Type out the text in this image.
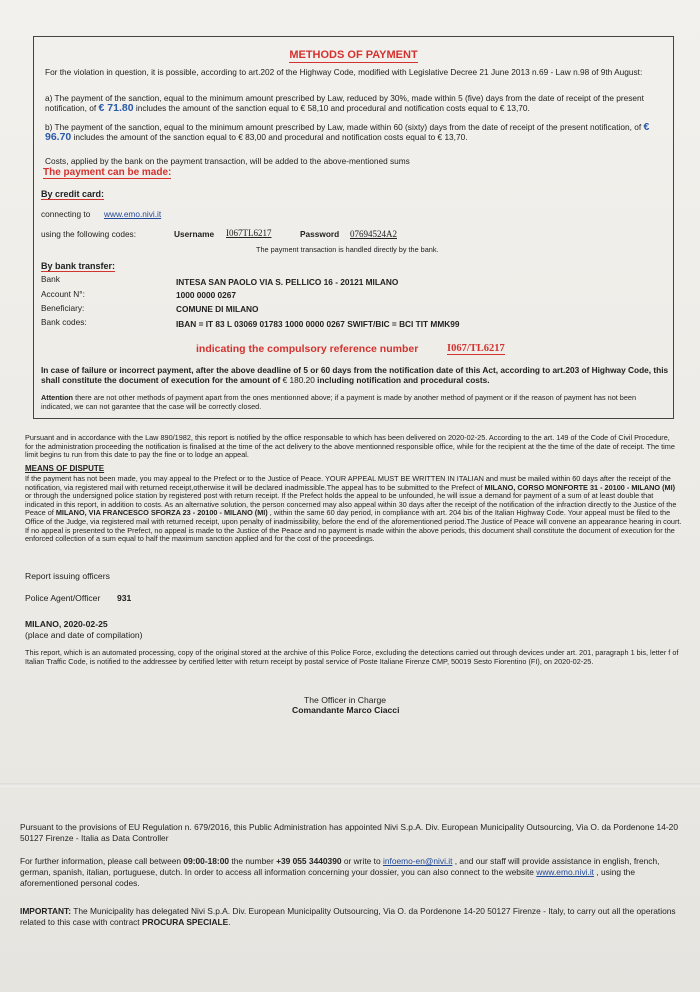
METHODS OF PAYMENT
For the violation in question, it is possible, according to art.202 of the Highway Code, modified with Legislative Decree 21 June 2013 n.69 - Law n.98 of 9th August:
a) The payment of the sanction, equal to the minimum amount prescribed by Law, reduced by 30%, made within 5 (five) days from the date of receipt of the present notification, of € 71.80 includes the amount of the sanction equal to € 58,10 and procedural and notification costs equal to € 13,70.
b) The payment of the sanction, equal to the minimum amount prescribed by Law, made within 60 (sixty) days from the date of receipt of the present notification, of € 96.70 includes the amount of the sanction equal to € 83,00 and procedural and notification costs equal to € 13,70.
Costs, applied by the bank on the payment transaction, will be added to the above-mentioned sums
The payment can be made:
By credit card:
connecting to www.emo.nivi.it
using the following codes:	Username I067TL6217	Password 07694524A2
The payment transaction is handled directly by the bank.
By bank transfer:
Bank	INTESA SAN PAOLO VIA S. PELLICO 16 - 20121 MILANO
Account N°:	1000 0000 0267
Beneficiary:	COMUNE DI MILANO
Bank codes:	IBAN = IT 83 L 03069 01783 1000 0000 0267 SWIFT/BIC = BCI TIT MMK99
indicating the compulsory reference number	I067/TL6217
In case of failure or incorrect payment, after the above deadline of 5 or 60 days from the notification date of this Act, according to art.203 of Highway Code, this shall constitute the document of execution for the amount of € 180.20 including notification and procedural costs.
Attention there are not other methods of payment apart from the ones mentionned above; if a payment is made by another method of payment or if the reason of payment has not been indicated, we can not garantee that the case will be correctly closed.
Pursuant and in accordance with the Law 890/1982, this report is notified by the office responsable to which has been delivered on 2020-02-25. According to the art. 149 of the Code of Civil Procedure, for the administration proceeding the notification is finalised at the time of the act delivery to the above mentionned responsible office, while for the recipient at the the time of the date of receipt. The time limit begins tu run from this date to pay the fine or to lodge an appeal.
MEANS OF DISPUTE
If the payment has not been made, you may appeal to the Prefect or to the Justice of Peace. YOUR APPEAL MUST BE WRITTEN IN ITALIAN and must be mailed within 60 days after the receipt of the notification, via registered mail with returned receipt,otherwise it will be declared inadmissible.The appeal has to be submitted to the Prefect of MILANO, CORSO MONFORTE 31 - 20100 - MILANO (MI) or through the undersigned police station by registered post with return receipt. If the Prefect holds the appeal to be unfounded, he will issue a demand for payment of a sum of at least double that indicated in this report, in addition to costs. As an alternative solution, the person concerned may also appeal within 30 days after the receipt of the notification of the infraction directly to the Justice of the Peace of MILANO, VIA FRANCESCO SFORZA 23 - 20100 - MILANO (MI) , within the same 60 day period, in compliance with art. 204 bis of the Italian Highway Code. Your appeal must be filed to the Office of the Judge, via registered mail with returned receipt, upon penalty of inadmissibility, before the end of the aforementioned period.The Justice of Peace will convene an appearance hearing in court. If no appeal is presented to the Prefect, no appeal is made to the Justice of the Peace and no payment is made within the above periods, this document shall constitute the document of execution for the enforced collection of a sum equal to half the maximum sanction applied and for the cost of the proceedings.
Report issuing officers
Police Agent/Officer 931
MILANO, 2020-02-25
(place and date of compilation)
This report, which is an automated processing, copy of the original stored at the archive of this Police Force, excluding the detections carried out through devices under art. 201, paragraph 1 bis, letter f of Italian Traffic Code, is notified to the addressee by certified letter with return receipt by postal service of Poste Italiane Firenze CMP, 50019 Sesto Fiorentino (FI), on 2020-02-25.
The Officer in Charge
Comandante Marco Ciacci
Pursuant to the provisions of EU Regulation n. 679/2016, this Public Administration has appointed Nivi S.p.A. Div. European Municipality Outsourcing, Via O. da Pordenone 14-20 50127 Firenze - Italia as Data Controller
For further information, please call between 09:00-18:00 the number +39 055 3440390 or write to infoemo-en@nivi.it , and our staff will provide assistance in english, french, german, spanish, italian, portuguese, dutch. In order to access all information concerning your dossier, you can also connect to the website www.emo.nivi.it , using the aforementioned personal codes.
IMPORTANT: The Municipality has delegated Nivi S.p.A. Div. European Municipality Outsourcing, Via O. da Pordenone 14-20 50127 Firenze - Italy, to carry out all the operations related to this case with contract PROCURA SPECIALE.
